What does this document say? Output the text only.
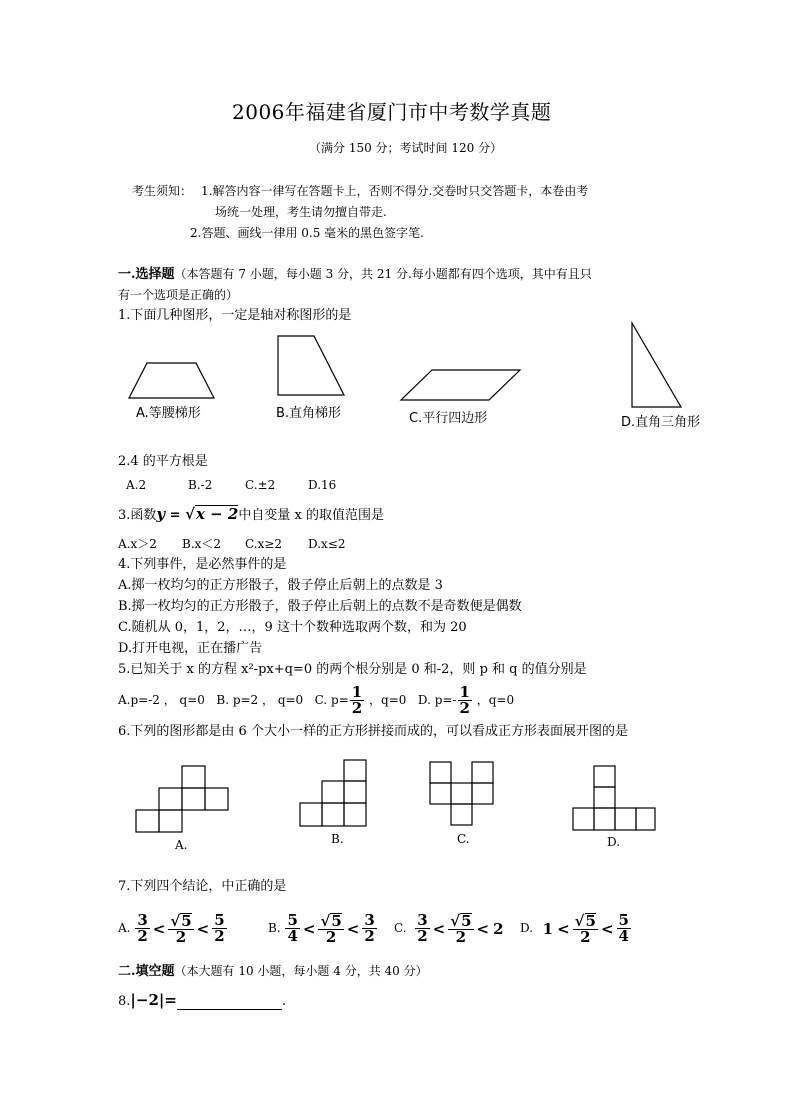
2006年福建省厦门市中考数学真题
（满分 150 分；考试时间 120 分）
考生须知： 1.解答内容一律写在答题卡上，否则不得分.交卷时只交答题卡，本卷由考
场统一处理，考生请勿擅自带走.
2.答题、画线一律用 0.5 毫米的黑色签字笔.
一.选择题（本答题有 7 小题，每小题 3 分，共 21 分.每小题都有四个选项，其中有且只
有一个选项是正确的）
1.下面几种图形，一定是轴对称图形的是
A.等腰梯形	B.直角梯形	C.平行四边形	D.直角三角形
2.4 的平方根是
A.2	B.-2	C.±2	D.16
3.函数y = √x − 2中自变量 x 的取值范围是
A.x＞2 B.x＜2 C.x≥2 D.x≤2
4.下列事件，是必然事件的是
A.掷一枚均匀的正方形骰子，骰子停止后朝上的点数是 3
B.掷一枚均匀的正方形骰子，骰子停止后朝上的点数不是奇数便是偶数
C.随机从 0，1，2，…，9 这十个数种选取两个数，和为 20
D.打开电视，正在播广告
5.已知关于 x 的方程 x²-px+q=0 的两个根分别是 0 和-2，则 p 和 q 的值分别是
A.p=-2 ， q=0 B. p=2 ， q=0 C. $p= \frac{1}{2}$ ，q=0 D. $p=- \frac{1}{2}$ ，q=0
6.下列的图形都是由 6 个大小一样的正方形拼接而成的，可以看成正方形表面展开图的是
A.	B.	C.	D.
7.下列四个结论，中正确的是
A. $\frac{3}{2} < \frac{√5}{2} < \frac{5}{2}$	B. $\frac{5}{4} < \frac{√5}{2} < \frac{3}{2} C$. $\frac{3}{2} < \frac{√5}{2} < 2$ D. $1 < \frac{√5}{2} < \frac{5}{4}$
二.填空题（本大题有 10 小题，每小题 4 分，共 40 分）
8.|−2|=	.
